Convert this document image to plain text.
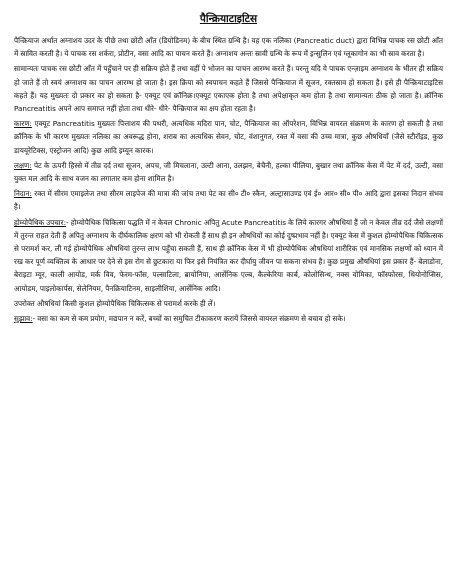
पैन्क्रियाटाइटिस

पैन्क्रियाज अर्थात अग्नाशय उदर के पीछे तथा छोटी आँत (डियोडिनम) के बीच स्थित ग्रन्थि है। यह एक नलिका (Pancreatic duct) द्वारा विभिन्न पाचक रस छोटी आँत में स्रावित करती है। ये पाचक रस शर्करा, प्रोटीन, वसा आदि का पाचन करते हैं। अग्नाशय अन्तः स्रावी ग्रन्थि के रूप में इन्सुलिन एवं ग्लूकागोन का भी स्राव करता है।

सामान्यतः पाचक रस छोटी आँत में पहुँचाने पर ही सक्रिय होते हैं तथा वहीं पे भोजन का पाचन आरम्भ करते हैं। परन्तु यदि ये पाचक एन्ज़ाइम अग्नाशय के भीतर ही सक्रिय हो जाते हैं तो स्वयं अग्नाशय का पाचन आरम्भ हो जाता है। इस क्रिया को स्वपाचन कहते हैं जिससे पैन्क्रियाज में सूजन, रक्तस्राव हो सकता है। इसे ही पैन्क्रियाटाइटिस कहते हैं। यह मुख्यतः दो प्रकार का हो सकता है- एक्यूट एवं क्रॉनिक्र।एक्यूट एकाएक होता है तथा अपेक्षाकृत कम होता है तथा सामान्यतः ठीक हो जाता है। क्रॉनिक Pancreatitis अपने आप समाप्त नहीं होता तथा धीरे- धीरे- पैन्क्रियाज का क्षय होता रहता है।

कारण: एक्यूट Pancreatitis मुख्यतः पित्ताशय की पथरी, अत्यधिक मदिरा पान, चोट, पैन्क्रियाज का ऑपरेशन, विभिन्न वायरल संक्रमण के कारण हो सकती है तथा क्रॉनिक के भी कारण मुख्यतः नलिका का अवरूद्ध होना, शराब का अत्यधिक सेवन, चोट, वंशानुगत, रक्त में वसा की उच्च मात्रा, कुछ औषधियाँ (जैसे स्टीरॉइड, कुछ डाययूरेटिक्स, एस्ट्रोजन आदि) कुछ आदि इम्यून कारक।

लक्षण: पेट के ऊपरी हिस्से में तीव्र दर्द तथा सूजन, अपच, जी मिचलाना, उल्टी आना, उलझन, बेचैनी, हल्का पीलिया, बुखार तथा क्रॉनिक केस में पेट में दर्द, उल्टी, वसा युक्त मल आदि के साथ वजन का लगातार कम होना शामिल है।

निदान: रक्त में सीरम एमाइलेज तथा सीरम लाइपेज की मात्रा की जांच तथा पेट का सी० टी० स्कैन, अल्ट्रासाउण्ड एवं ई० आर० सी० पी० आदि द्वारा इसका निदान संभव है।

होम्योपैथिक उपचार:- होम्योपैथिक चिकित्सा पद्धति में न केवल Chronic अपितु Acute Pancreatitis के लिये कारगर औषधियां हैं जो न केवल तीव्र दर्द जैसे लक्षणों में तुरन्त राहत देती हैं अपितु अग्नाशय के दीर्घकालिक क्षरण को भी रोकती हैं साथ ही इन औषधियों का कोई दुष्प्रभाव नहीं है। एक्यूट केस में कुशल होम्योपैथिक चिकित्सक से परामर्श कर, ली गई होम्योपैथिक औषधियां तुरन्त लाभ पहुँचा सकती हैं, साथ ही क्रॉनिक केस में भी होम्योपैथिक औषधियां शारीरिक एवं मानसिक लक्षणों को ध्यान में रख कर पूर्ण व्यक्तित्व के आधार पर देने से इस रोग से छुटकारा या फिर इसे नियंत्रित कर दीर्घायु जीवन पा सकना संभव है। कुछ प्रमुख औषधियां इस प्रकार हैं- बेलाडोना, बेराइटा म्यूर, काली आयोड, मर्क विव, फेरम-फॉस, पल्साटिला, ब्रायोनिया, आर्सेनिक एल्ब, कैल्केरिया कार्ब, कोलोसिन्थ, नक्स वोमिका, फॉस्फोरस, थियोनोप्सिस, आयोडम, पाइलोकार्पस, सेलेनियम, पैनक्रियाटिनम, साइलीशिया, आर्सेनिक आदि।

उपरोक्त औषधियां किसी कुशल होम्योपैथिक चिकित्सक से परामर्श करके ही लें।

सुझाव:- वसा का कम से कम प्रयोग, मद्यपान न करें, बच्चों का समुचित टीकाकरण करायें जिससे वायरल संक्रमण से बचाव हो सके।
